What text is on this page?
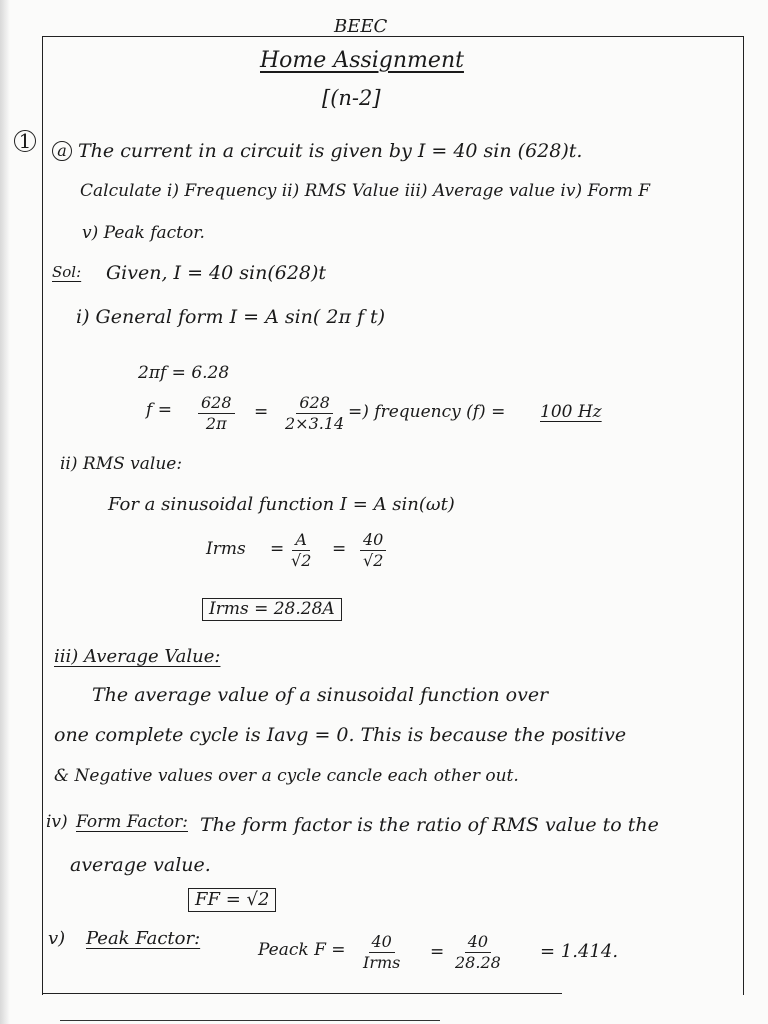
BEEC
Home Assignment
[(n-2]
1	a The current in a circuit is given by I = 40 sin (628)t.
Calculate i) Frequency ii) RMS Value iii) Average value iv) Form F
v) Peak factor.
Sol: Given, I = 40 sin(628)t
i) General form I = A sin( 2π f t)
2πf = 6.28
$f = \frac{628}{2\pi} = \frac{628}{2\times 3.14}$ =) frequency (f) = 100 Hz
ii) RMS value:
For a sinusoidal function I = A sin(ωt)
Irms = $\frac{A}{√2} = \frac{40}{√2}$
Irms = 28.28A
iii) Average Value:
The average value of a sinusoidal function over
one complete cycle is Iavg = 0. This is because the positive
& Negative values over a cycle cancle each other out.
iv) Form Factor: The form factor is the ratio of RMS value to the
average value.
FF = √2
v) Peak Factor:
Peack F = 40
Irms
= $\frac{40}{28.28} = 1.414$.
